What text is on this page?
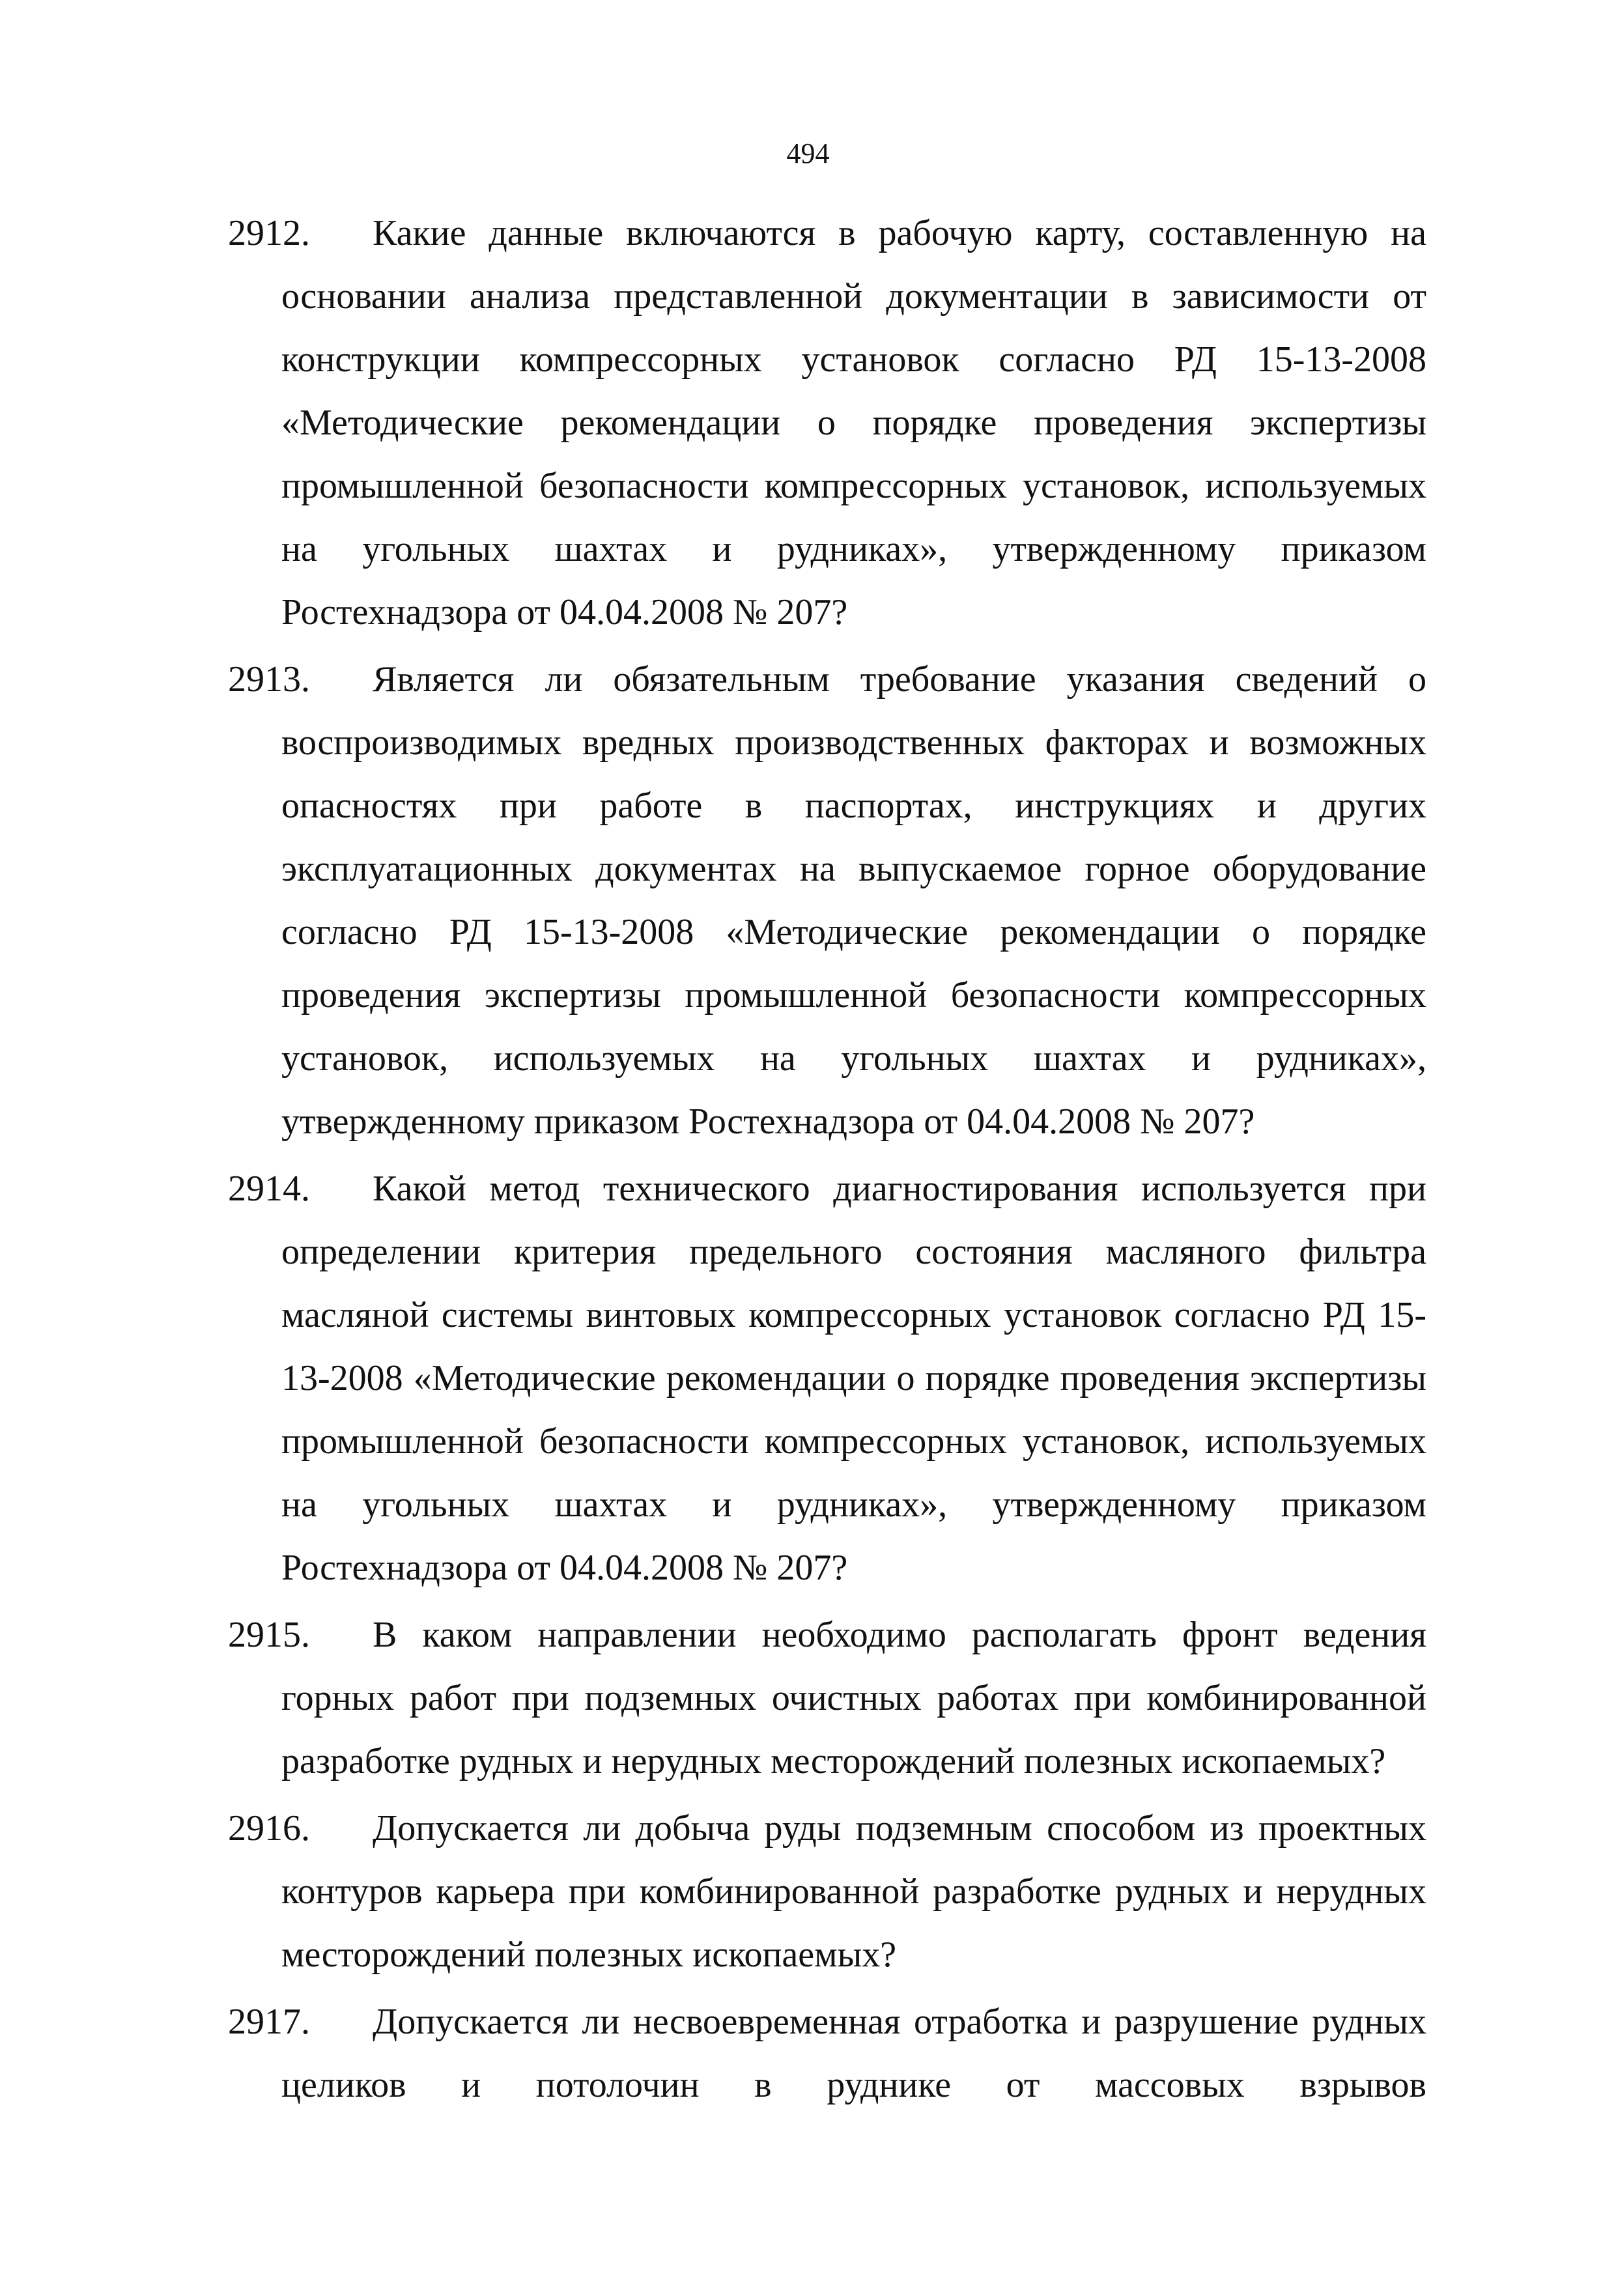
494
2912.	Какие данные включаются в рабочую карту, составленную на основании анализа представленной документации в зависимости от конструкции компрессорных установок согласно РД 15-13-2008 «Методические рекомендации о порядке проведения экспертизы промышленной безопасности компрессорных установок, используемых на угольных шахтах и рудниках», утвержденному приказом Ростехнадзора от 04.04.2008 № 207?
2913.	Является ли обязательным требование указания сведений о воспроизводимых вредных производственных факторах и возможных опасностях при работе в паспортах, инструкциях и других эксплуатационных документах на выпускаемое горное оборудование согласно РД 15-13-2008 «Методические рекомендации о порядке проведения экспертизы промышленной безопасности компрессорных установок, используемых на угольных шахтах и рудниках», утвержденному приказом Ростехнадзора от 04.04.2008 № 207?
2914.	Какой метод технического диагностирования используется при определении критерия предельного состояния масляного фильтра масляной системы винтовых компрессорных установок согласно РД 15-13-2008 «Методические рекомендации о порядке проведения экспертизы промышленной безопасности компрессорных установок, используемых на угольных шахтах и рудниках», утвержденному приказом Ростехнадзора от 04.04.2008 № 207?
2915.	В каком направлении необходимо располагать фронт ведения горных работ при подземных очистных работах при комбинированной разработке рудных и нерудных месторождений полезных ископаемых?
2916.	Допускается ли добыча руды подземным способом из проектных контуров карьера при комбинированной разработке рудных и нерудных месторождений полезных ископаемых?
2917.	Допускается ли несвоевременная отработка и разрушение рудных целиков и потолочин в руднике от массовых взрывов
